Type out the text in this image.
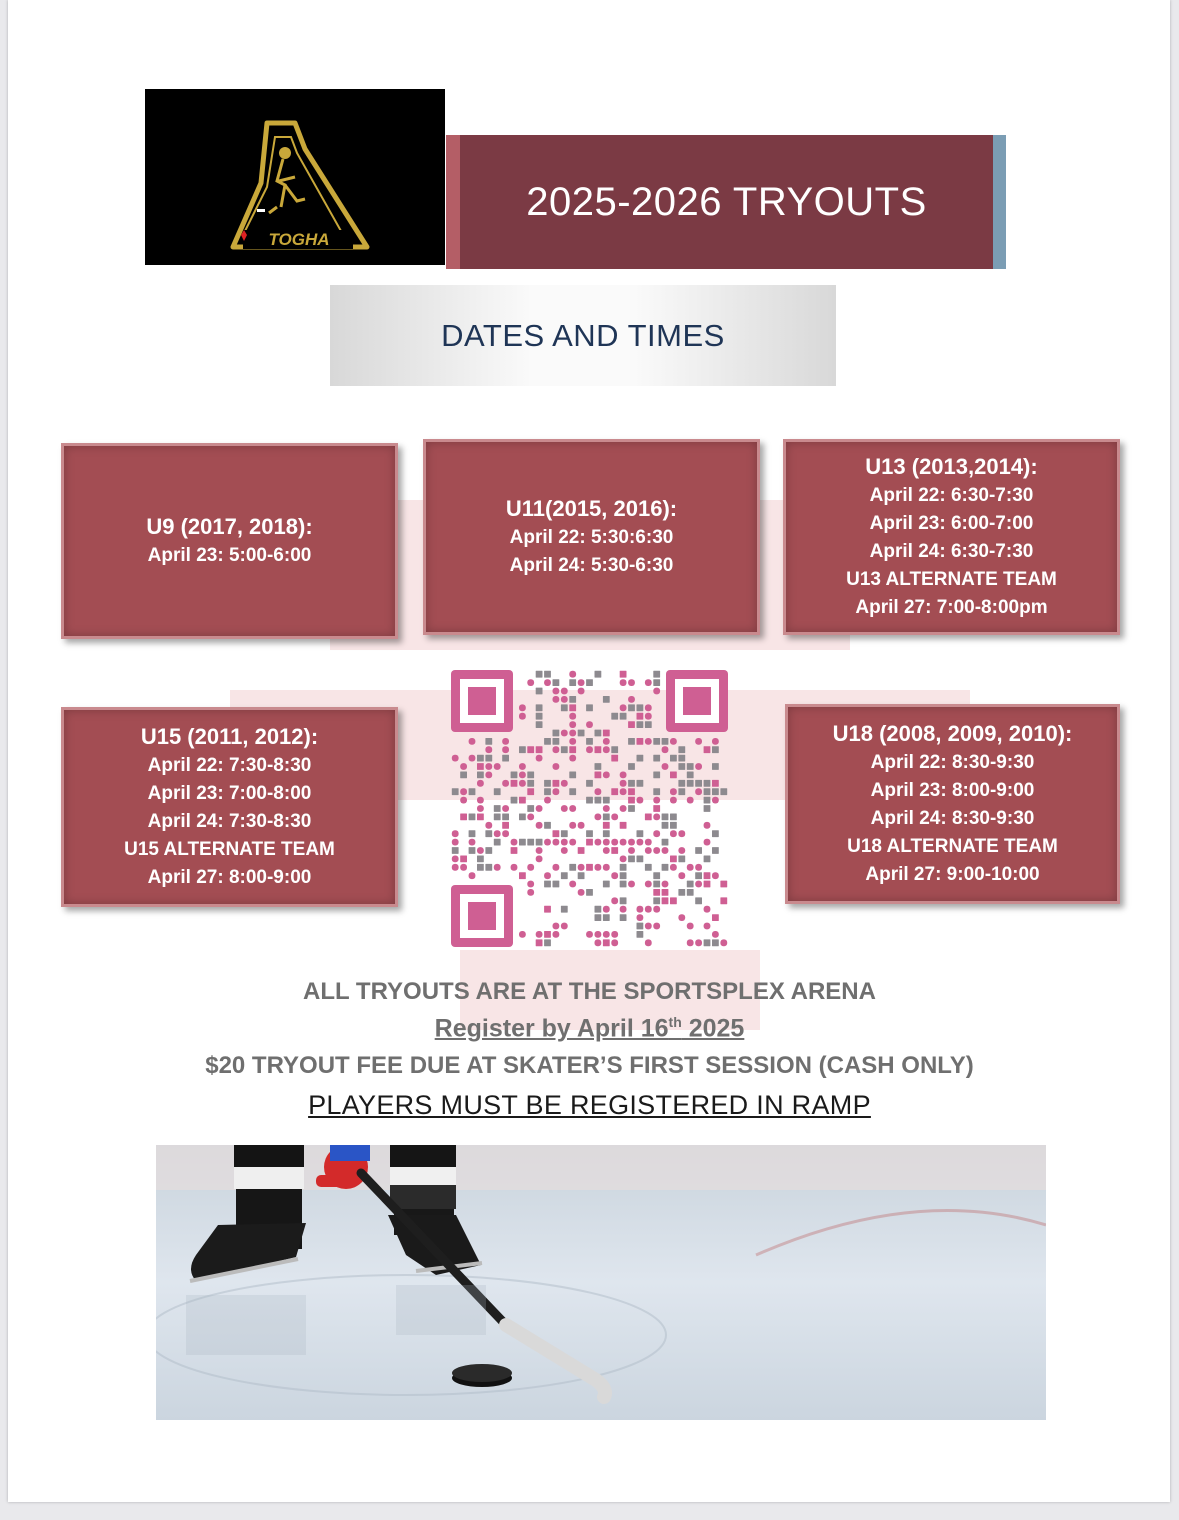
TOGHA
2025-2026 TRYOUTS
DATES AND TIMES
U9 (2017, 2018):
April 23: 5:00-6:00
U11(2015, 2016):
April 22: 5:30:6:30
April 24: 5:30-6:30
U13 (2013,2014):
April 22: 6:30-7:30
April 23: 6:00-7:00
April 24: 6:30-7:30
U13 ALTERNATE TEAM
April 27: 7:00-8:00pm
U15 (2011, 2012):
April 22: 7:30-8:30
April 23: 7:00-8:00
April 24: 7:30-8:30
U15 ALTERNATE TEAM
April 27: 8:00-9:00
U18 (2008, 2009, 2010):
April 22: 8:30-9:30
April 23: 8:00-9:00
April 24: 8:30-9:30
U18 ALTERNATE TEAM
April 27: 9:00-10:00
ALL TRYOUTS ARE AT THE SPORTSPLEX ARENA
Register by April 16th 2025
$20 TRYOUT FEE DUE AT SKATER’S FIRST SESSION (CASH ONLY)
PLAYERS MUST BE REGISTERED IN RAMP
